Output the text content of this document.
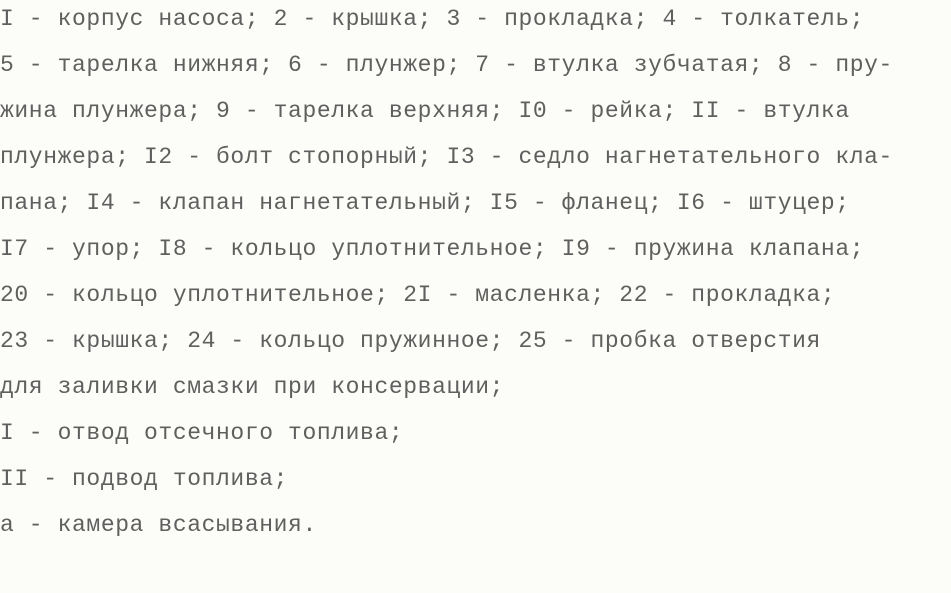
I - корпус насоса; 2 - крышка; 3 - прокладка; 4 - толкатель;
5 - тарелка нижняя; 6 - плунжер; 7 - втулка зубчатая; 8 - пру-
жина плунжера; 9 - тарелка верхняя; I0 - рейка; II - втулка
плунжера; I2 - болт стопорный; I3 - седло нагнетательного кла-
пана; I4 - клапан нагнетательный; I5 - фланец; I6 - штуцер;
I7 - упор; I8 - кольцо уплотнительное; I9 - пружина клапана;
20 - кольцо уплотнительное; 2I - масленка; 22 - прокладка;
23 - крышка; 24 - кольцо пружинное; 25 - пробка отверстия
для заливки смазки при консервации;
I - отвод отсечного топлива;
II - подвод топлива;
а - камера всасывания.
